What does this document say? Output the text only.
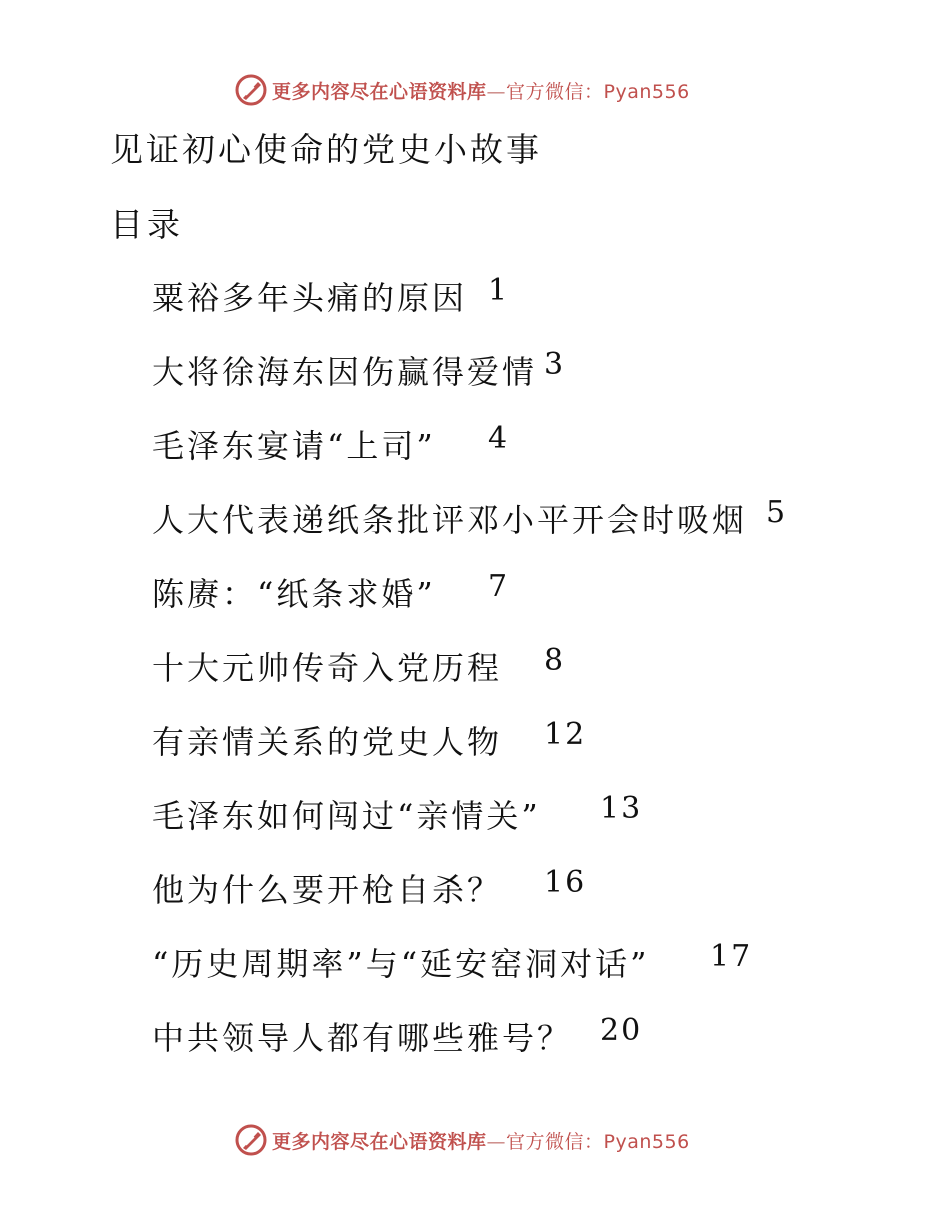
更多内容尽在心语资料库—官方微信：Pyan556
见证初心使命的党史小故事
目录
粟裕多年头痛的原因 1
大将徐海东因伤赢得爱情 3
毛泽东宴请“上司” 4
人大代表递纸条批评邓小平开会时吸烟 5
陈赓：“纸条求婚” 7
十大元帅传奇入党历程 8
有亲情关系的党史人物 12
毛泽东如何闯过“亲情关” 13
他为什么要开枪自杀？ 16
“历史周期率”与“延安窑洞对话” 17
中共领导人都有哪些雅号？ 20
更多内容尽在心语资料库—官方微信：Pyan556
